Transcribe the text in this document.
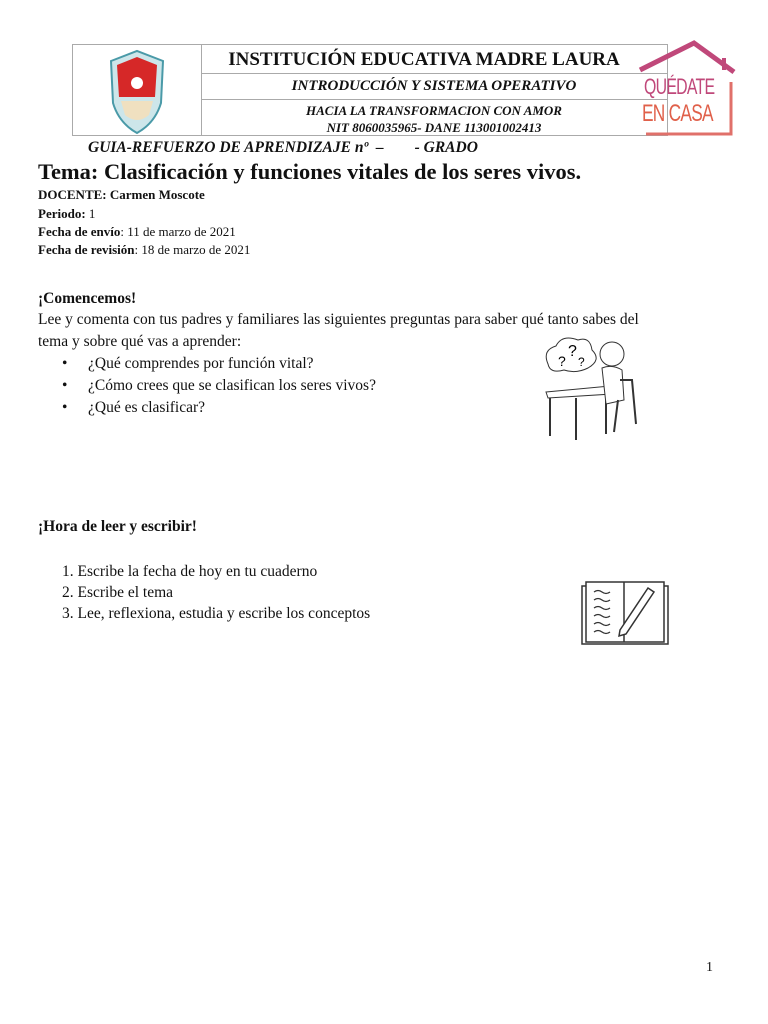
INSTITUCIÓN EDUCATIVA MADRE LAURA
INTRODUCCIÓN Y SISTEMA OPERATIVO
HACIA LA TRANSFORMACION CON AMOR
NIT 8060035965- DANE 113001002413
QUÉDATE
EN CASA
GUIA-REFUERZO DE APRENDIZAJE nº  –        - GRADO
Tema: Clasificación y funciones vitales de los seres vivos.
DOCENTE: Carmen Moscote
Periodo: 1
Fecha de envío: 11 de marzo de 2021
Fecha de revisión: 18 de marzo de 2021
¡Comencemos!
Lee y comenta con tus padres y familiares las siguientes preguntas para saber qué tanto sabes del
tema y sobre qué vas a aprender:
• ¿Qué comprendes por función vital?
• ¿Cómo crees que se clasifican los seres vivos?
• ¿Qué es clasificar?
?
?
?
¡Hora de leer y escribir!
1. Escribe la fecha de hoy en tu cuaderno
2. Escribe el tema
3. Lee, reflexiona, estudia y escribe los conceptos
1
